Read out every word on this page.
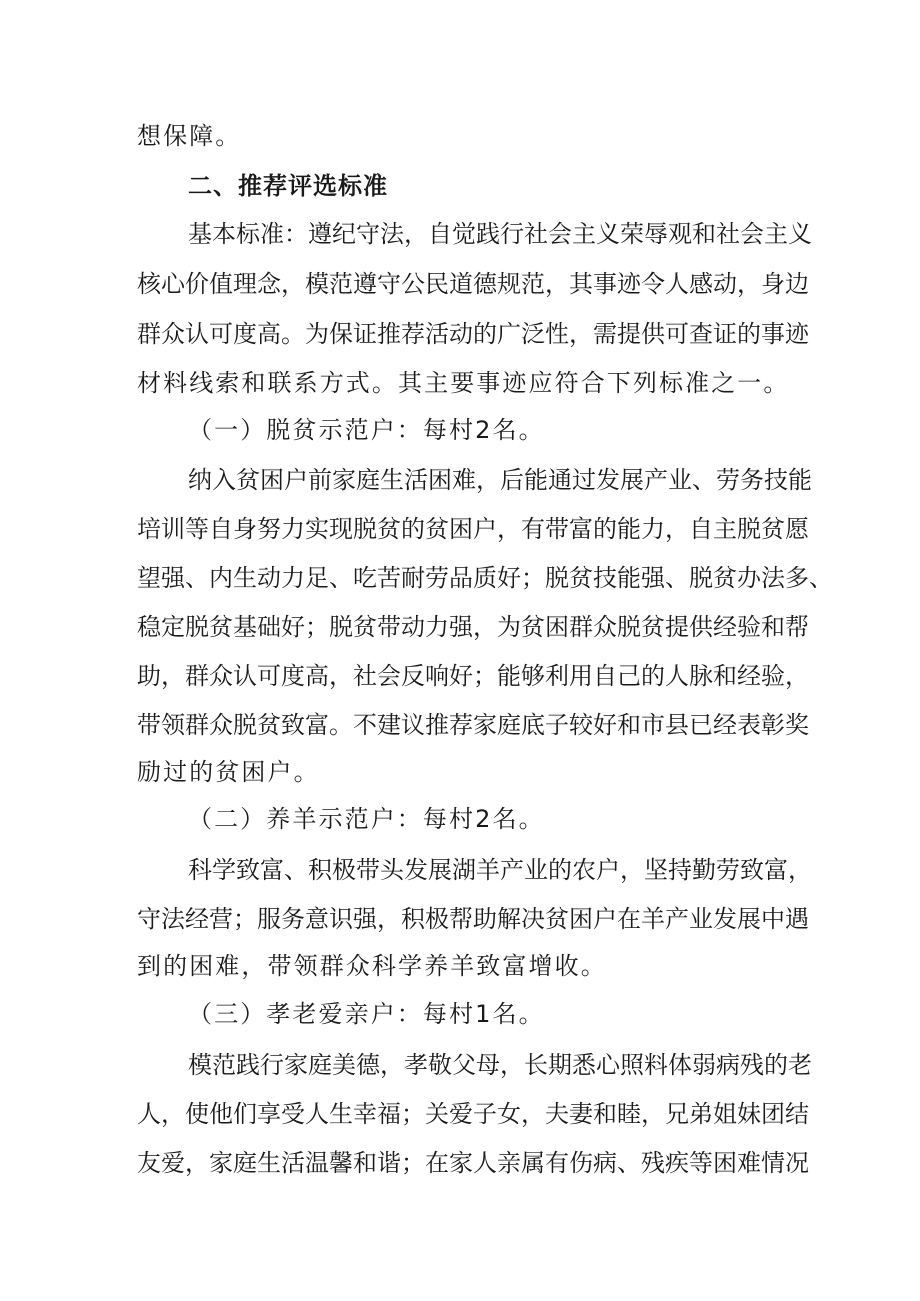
想保障。

二、推荐评选标准

基本标准：遵纪守法，自觉践行社会主义荣辱观和社会主义

核心价值理念，模范遵守公民道德规范，其事迹令人感动，身边

群众认可度高。为保证推荐活动的广泛性，需提供可查证的事迹

材料线索和联系方式。其主要事迹应符合下列标准之一。

（一）脱贫示范户：每村2名。

纳入贫困户前家庭生活困难，后能通过发展产业、劳务技能

培训等自身努力实现脱贫的贫困户，有带富的能力，自主脱贫愿

望强、内生动力足、吃苦耐劳品质好；脱贫技能强、脱贫办法多、

稳定脱贫基础好；脱贫带动力强，为贫困群众脱贫提供经验和帮

助，群众认可度高，社会反响好；能够利用自己的人脉和经验，

带领群众脱贫致富。不建议推荐家庭底子较好和市县已经表彰奖

励过的贫困户。

（二）养羊示范户：每村2名。

科学致富、积极带头发展湖羊产业的农户，坚持勤劳致富，

守法经营；服务意识强，积极帮助解决贫困户在羊产业发展中遇

到的困难，带领群众科学养羊致富增收。

（三）孝老爱亲户：每村1名。

模范践行家庭美德，孝敬父母，长期悉心照料体弱病残的老

人，使他们享受人生幸福；关爱子女，夫妻和睦，兄弟姐妹团结

友爱，家庭生活温馨和谐；在家人亲属有伤病、残疾等困难情况
